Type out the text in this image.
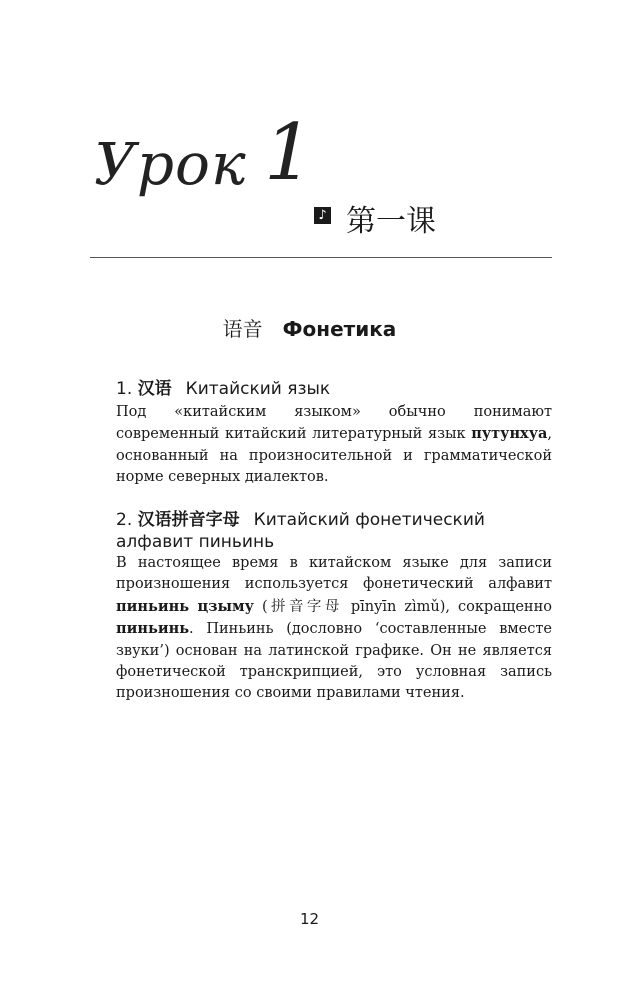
Урок 1
♪ 第一课
语音 Фонетика
1. 汉语 Китайский язык
Под «китайским языком» обычно понимают современный китайский литературный язык путунхуа, основанный на произносительной и грамматической норме северных диалектов.
2. 汉语拼音字母 Китайский фонетический алфавит пиньинь
В настоящее время в китайском языке для записи произношения используется фонетический алфавит пиньинь цзыму (拼音字母 pīnyīn zìmǔ), сокращенно пиньинь. Пиньинь (дословно ‘составленные вместе звуки’) основан на латинской графике. Он не является фонетической транскрипцией, это условная запись произношения со своими правилами чтения.
12
